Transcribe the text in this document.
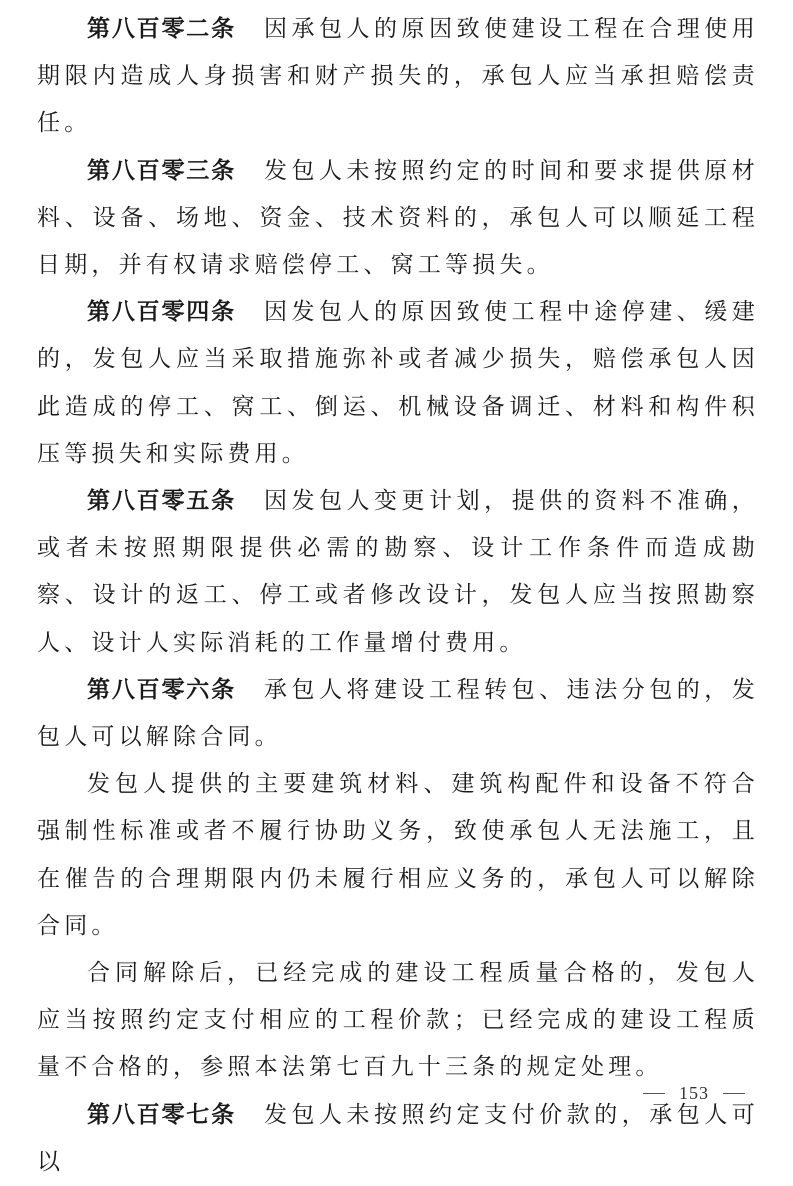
第八百零二条 因承包人的原因致使建设工程在合理使用期限内造成人身损害和财产损失的，承包人应当承担赔偿责任。

第八百零三条 发包人未按照约定的时间和要求提供原材料、设备、场地、资金、技术资料的，承包人可以顺延工程日期，并有权请求赔偿停工、窝工等损失。

第八百零四条 因发包人的原因致使工程中途停建、缓建的，发包人应当采取措施弥补或者减少损失，赔偿承包人因此造成的停工、窝工、倒运、机械设备调迁、材料和构件积压等损失和实际费用。

第八百零五条 因发包人变更计划，提供的资料不准确，或者未按照期限提供必需的勘察、设计工作条件而造成勘察、设计的返工、停工或者修改设计，发包人应当按照勘察人、设计人实际消耗的工作量增付费用。

第八百零六条 承包人将建设工程转包、违法分包的，发包人可以解除合同。

发包人提供的主要建筑材料、建筑构配件和设备不符合强制性标准或者不履行协助义务，致使承包人无法施工，且在催告的合理期限内仍未履行相应义务的，承包人可以解除合同。

合同解除后，已经完成的建设工程质量合格的，发包人应当按照约定支付相应的工程价款；已经完成的建设工程质量不合格的，参照本法第七百九十三条的规定处理。

第八百零七条 发包人未按照约定支付价款的，承包人可以

153
